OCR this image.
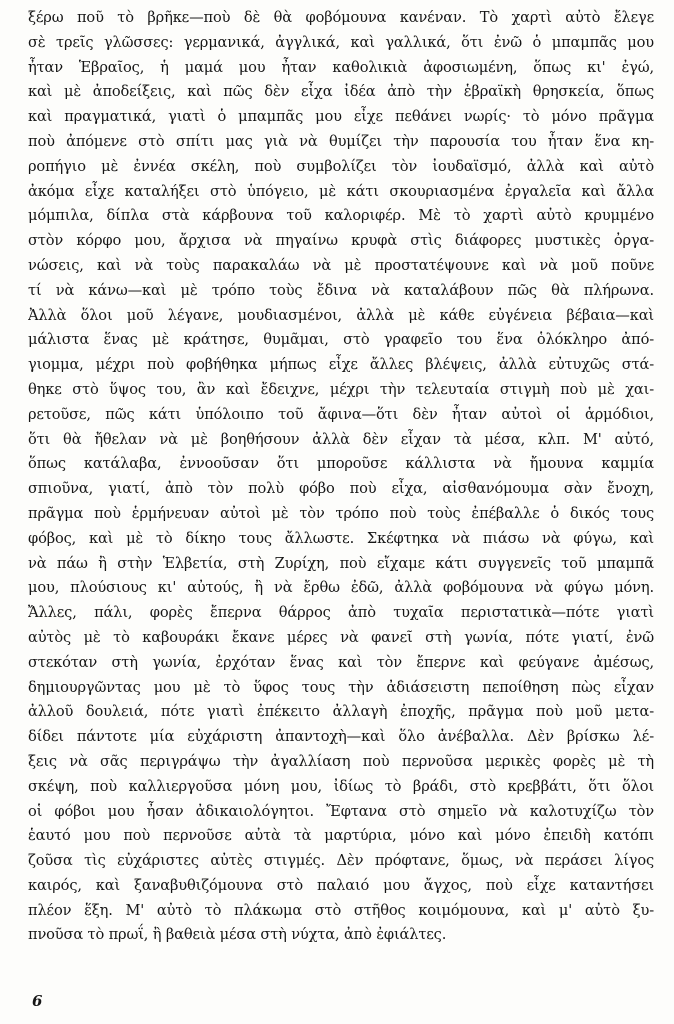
ξέρω ποῦ τὸ βρῆκε—ποὺ δὲ θὰ φοβόμουνα κανέναν. Τὸ χαρτὶ αὐτὸ ἔλεγε
σὲ τρεῖς γλῶσσες: γερμανικά, ἀγγλικά, καὶ γαλλικά, ὅτι ἐνῶ ὁ μπαμπᾶς μου
ἦταν Ἑβραῖος, ἡ μαμά μου ἦταν καθολικιὰ ἀφοσιωμένη, ὅπως κι' ἐγώ,
καὶ μὲ ἀποδείξεις, καὶ πῶς δὲν εἶχα ἰδέα ἀπὸ τὴν ἑβραϊκὴ θρησκεία, ὅπως
καὶ πραγματικά, γιατὶ ὁ μπαμπᾶς μου εἶχε πεθάνει νωρίς· τὸ μόνο πρᾶγμα
ποὺ ἀπόμενε στὸ σπίτι μας γιὰ νὰ θυμίζει τὴν παρουσία του ἦταν ἕνα κη-
ροπήγιο μὲ ἐννέα σκέλη, ποὺ συμβολίζει τὸν ἰουδαϊσμό, ἀλλὰ καὶ αὐτὸ
ἀκόμα εἶχε καταλήξει στὸ ὑπόγειο, μὲ κάτι σκουριασμένα ἐργαλεῖα καὶ ἄλλα
μόμπιλα, δίπλα στὰ κάρβουνα τοῦ καλοριφέρ. Μὲ τὸ χαρτὶ αὐτὸ κρυμμένο
στὸν κόρφο μου, ἄρχισα νὰ πηγαίνω κρυφὰ στὶς διάφορες μυστικὲς ὀργα-
νώσεις, καὶ νὰ τοὺς παρακαλάω νὰ μὲ προστατέψουνε καὶ νὰ μοῦ ποῦνε
τί νὰ κάνω—καὶ μὲ τρόπο τοὺς ἔδινα νὰ καταλάβουν πῶς θὰ πλήρωνα.
Ἀλλὰ ὅλοι μοῦ λέγανε, μουδιασμένοι, ἀλλὰ μὲ κάθε εὐγένεια βέβαια—καὶ
μάλιστα ἕνας μὲ κράτησε, θυμᾶμαι, στὸ γραφεῖο του ἕνα ὁλόκληρο ἀπό-
γιομμα, μέχρι ποὺ φοβήθηκα μήπως εἶχε ἄλλες βλέψεις, ἀλλὰ εὐτυχῶς στά-
θηκε στὸ ὕψος του, ἂν καὶ ἔδειχνε, μέχρι τὴν τελευταία στιγμὴ ποὺ μὲ χαι-
ρετοῦσε, πῶς κάτι ὑπόλοιπο τοῦ ἄφινα—ὅτι δὲν ἦταν αὐτοὶ οἱ ἁρμόδιοι,
ὅτι θὰ ἤθελαν νὰ μὲ βοηθήσουν ἀλλὰ δὲν εἶχαν τὰ μέσα, κλπ. Μ' αὐτό,
ὅπως κατάλαβα, ἐννοοῦσαν ὅτι μποροῦσε κάλλιστα νὰ ἤμουνα καμμία
σπιοῦνα, γιατί, ἀπὸ τὸν πολὺ φόβο ποὺ εἶχα, αἰσθανόμουμα σὰν ἔνοχη,
πρᾶγμα ποὺ ἑρμήνευαν αὐτοὶ μὲ τὸν τρόπο ποὺ τοὺς ἐπέβαλλε ὁ δικός τους
φόβος, καὶ μὲ τὸ δίκηο τους ἄλλωστε. Σκέφτηκα νὰ πιάσω νὰ φύγω, καὶ
νὰ πάω ἢ στὴν Ἑλβετία, στὴ Ζυρίχη, ποὺ εἴχαμε κάτι συγγενεῖς τοῦ μπαμπᾶ
μου, πλούσιους κι' αὐτούς, ἢ νὰ ἔρθω ἐδῶ, ἀλλὰ φοβόμουνα νὰ φύγω μόνη.
Ἄλλες, πάλι, φορὲς ἔπερνα θάρρος ἀπὸ τυχαῖα περιστατικὰ—πότε γιατὶ
αὐτὸς μὲ τὸ καβουράκι ἔκανε μέρες νὰ φανεῖ στὴ γωνία, πότε γιατί, ἐνῶ
στεκόταν στὴ γωνία, ἐρχόταν ἕνας καὶ τὸν ἔπερνε καὶ φεύγανε ἀμέσως,
δημιουργῶντας μου μὲ τὸ ὕφος τους τὴν ἀδιάσειστη πεποίθηση πὼς εἶχαν
ἀλλοῦ δουλειά, πότε γιατὶ ἐπέκειτο ἀλλαγὴ ἐποχῆς, πρᾶγμα ποὺ μοῦ μετα-
δίδει πάντοτε μία εὐχάριστη ἀπαντοχὴ—καὶ ὅλο ἀνέβαλλα. Δὲν βρίσκω λέ-
ξεις νὰ σᾶς περιγράψω τὴν ἀγαλλίαση ποὺ περνοῦσα μερικὲς φορὲς μὲ τὴ
σκέψη, ποὺ καλλιεργοῦσα μόνη μου, ἰδίως τὸ βράδι, στὸ κρεββάτι, ὅτι ὅλοι
οἱ φόβοι μου ἦσαν ἀδικαιολόγητοι. Ἔφτανα στὸ σημεῖο νὰ καλοτυχίζω τὸν
ἑαυτό μου ποὺ περνοῦσε αὐτὰ τὰ μαρτύρια, μόνο καὶ μόνο ἐπειδὴ κατόπι
ζοῦσα τὶς εὐχάριστες αὐτὲς στιγμές. Δὲν πρόφτανε, ὅμως, νὰ περάσει λίγος
καιρός, καὶ ξαναβυθιζόμουνα στὸ παλαιό μου ἄγχος, ποὺ εἶχε καταντήσει
πλέον ἕξη. Μ' αὐτὸ τὸ πλάκωμα στὸ στῆθος κοιμόμουνα, καὶ μ' αὐτὸ ξυ-
πνοῦσα τὸ πρωΐ, ἢ βαθειὰ μέσα στὴ νύχτα, ἀπὸ ἐφιάλτες.
6
